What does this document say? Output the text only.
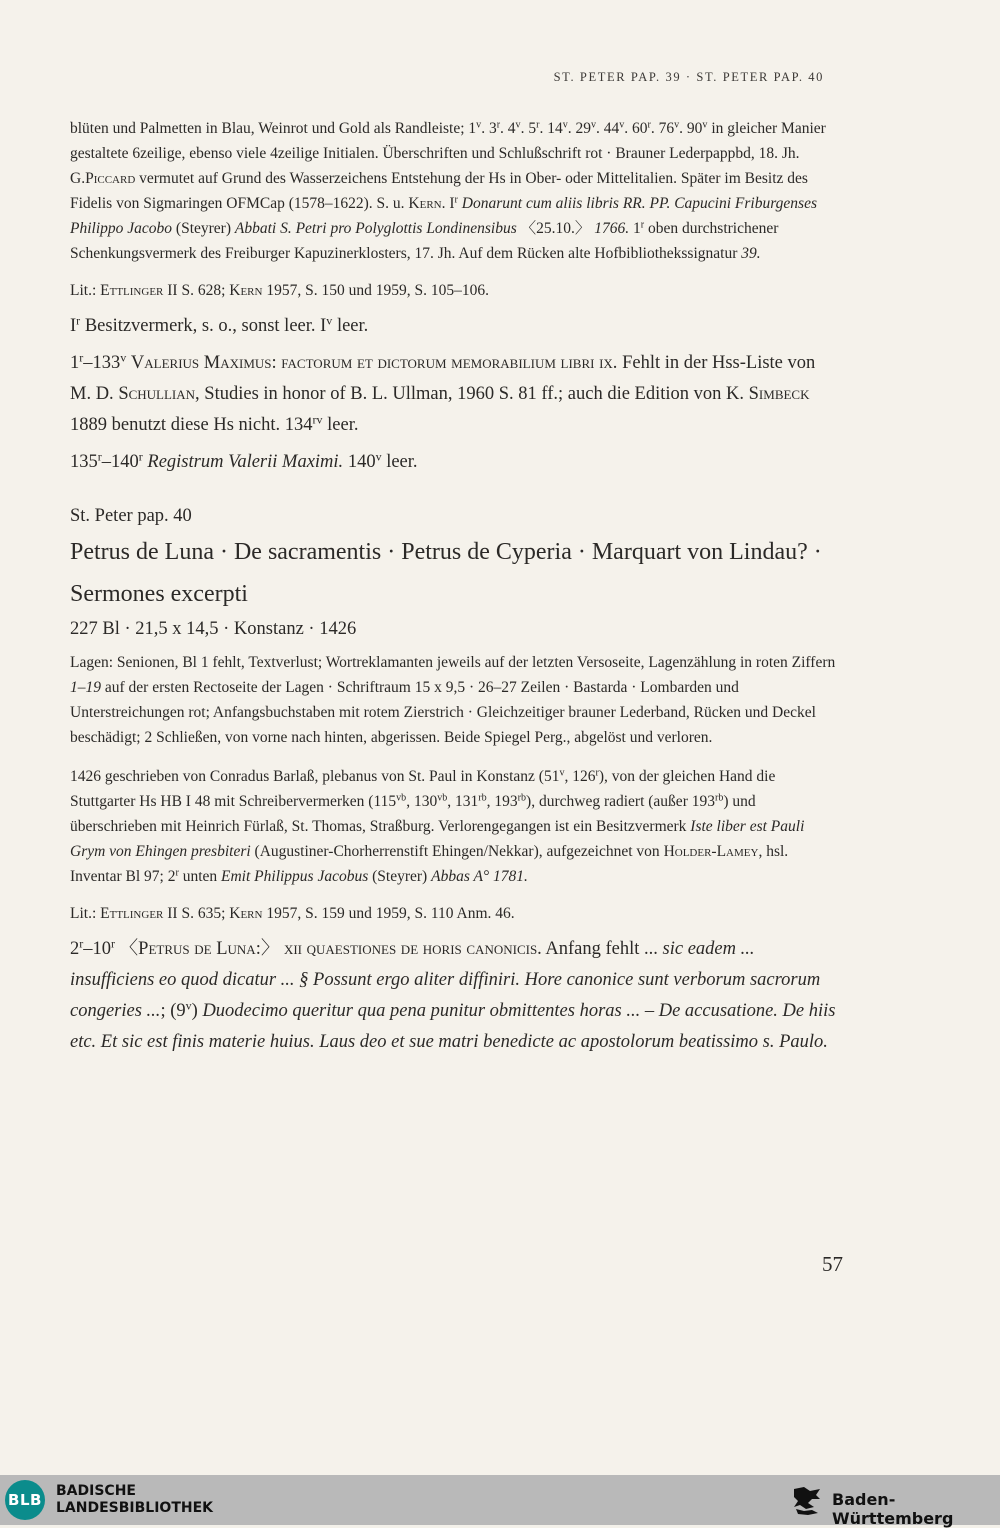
ST. PETER PAP. 39 · ST. PETER PAP. 40

blüten und Palmetten in Blau, Weinrot und Gold als Randleiste; 1$^v$. 3$^r$. 4$^v$. 5$^r$. 14$^v$. 29$^v$. 44$^v$. 60$^r$. 76$^v$. 90$^v$ in gleicher Manier gestaltete 6zeilige, ebenso viele 4zeilige Initialen. Überschriften und Schlußschrift rot · Brauner Lederpappbd, 18. Jh.

G.Piccard vermutet auf Grund des Wasserzeichens Entstehung der Hs in Ober- oder Mittelitalien. Später im Besitz des Fidelis von Sigmaringen OFMCap (1578–1622). S. u. Kern. $I^r$ Donarunt cum aliis libris RR. PP. Capucini Friburgenses Philippo Jacobo (Steyrer) Abbati S. Petri pro Polyglottis Londinensibus 〈25.10.〉 1766. 1$^r$ oben durchstrichener Schenkungsvermerk des Freiburger Kapuzinerklosters, 17. Jh. Auf dem Rücken alte Hofbibliothekssignatur 39.

Lit.: Ettlinger II S. 628; Kern 1957, S. 150 und 1959, S. 105–106.

$I^r$ Besitzvermerk, s. o., sonst leer. $I^v$ leer.

1$^r$–133$^v$ Valerius Maximus: factorum et dictorum memorabilium libri ix. Fehlt in der Hss-Liste von M. D. Schullian, Studies in honor of B. L. Ullman, 1960 S. 81 ff.; auch die Edition von K. Simbeck 1889 benutzt diese Hs nicht. $134^{rv}$ leer.

135$^r$–140$^r$ Registrum Valerii Maximi. 140$^v$ leer.

St. Peter pap. 40

Petrus de Luna · De sacramentis · Petrus de Cyperia · Marquart von Lindau? · Sermones excerpti

227 Bl · 21,5 x 14,5 · Konstanz · 1426

Lagen: Senionen, Bl 1 fehlt, Textverlust; Wortreklamanten jeweils auf der letzten Versoseite, Lagenzählung in roten Ziffern 1–19 auf der ersten Rectoseite der Lagen · Schriftraum 15 x 9,5 · 26–27 Zeilen · Bastarda · Lombarden und Unterstreichungen rot; Anfangsbuchstaben mit rotem Zierstrich · Gleichzeitiger brauner Lederband, Rücken und Deckel beschädigt; 2 Schließen, von vorne nach hinten, abgerissen. Beide Spiegel Perg., abgelöst und verloren.

1426 geschrieben von Conradus Barlaß, plebanus von St. Paul in Konstanz (51$^v$, 126$^r$), von der gleichen Hand die Stuttgarter Hs HB I 48 mit Schreibervermerken ($115^{vb}$, $130^{vb}$, $131^{rb}$, $193^{rb}$), durchweg radiert (außer $193^{rb}$) und überschrieben mit Heinrich Fürlaß, St. Thomas, Straßburg. Verlorengegangen ist ein Besitzvermerk Iste liber est Pauli Grym von Ehingen presbiteri (Augustiner-Chorherrenstift Ehingen/Nekkar), aufgezeichnet von Holder-Lamey, hsl. Inventar Bl 97; 2$^r$ unten Emit Philippus Jacobus (Steyrer) Abbas A° 1781.

Lit.: Ettlinger II S. 635; Kern 1957, S. 159 und 1959, S. 110 Anm. 46.

2$^r$–10$^r$ 〈Petrus de Luna:〉 xii quaestiones de horis canonicis. Anfang fehlt ... sic eadem ... insufficiens eo quod dicatur ... § Possunt ergo aliter diffiniri. Hore canonice sunt verborum sacrorum congeries ...; (9$^v$) Duodecimo queritur qua pena punitur obmittentes horas ... – De accusatione. De hiis etc. Et sic est finis materie huius. Laus deo et sue matri benedicte ac apostolorum beatissimo s. Paulo.

57
BLB BADISCHE
LANDESBIBLIOTHEK	Baden-Württemberg
